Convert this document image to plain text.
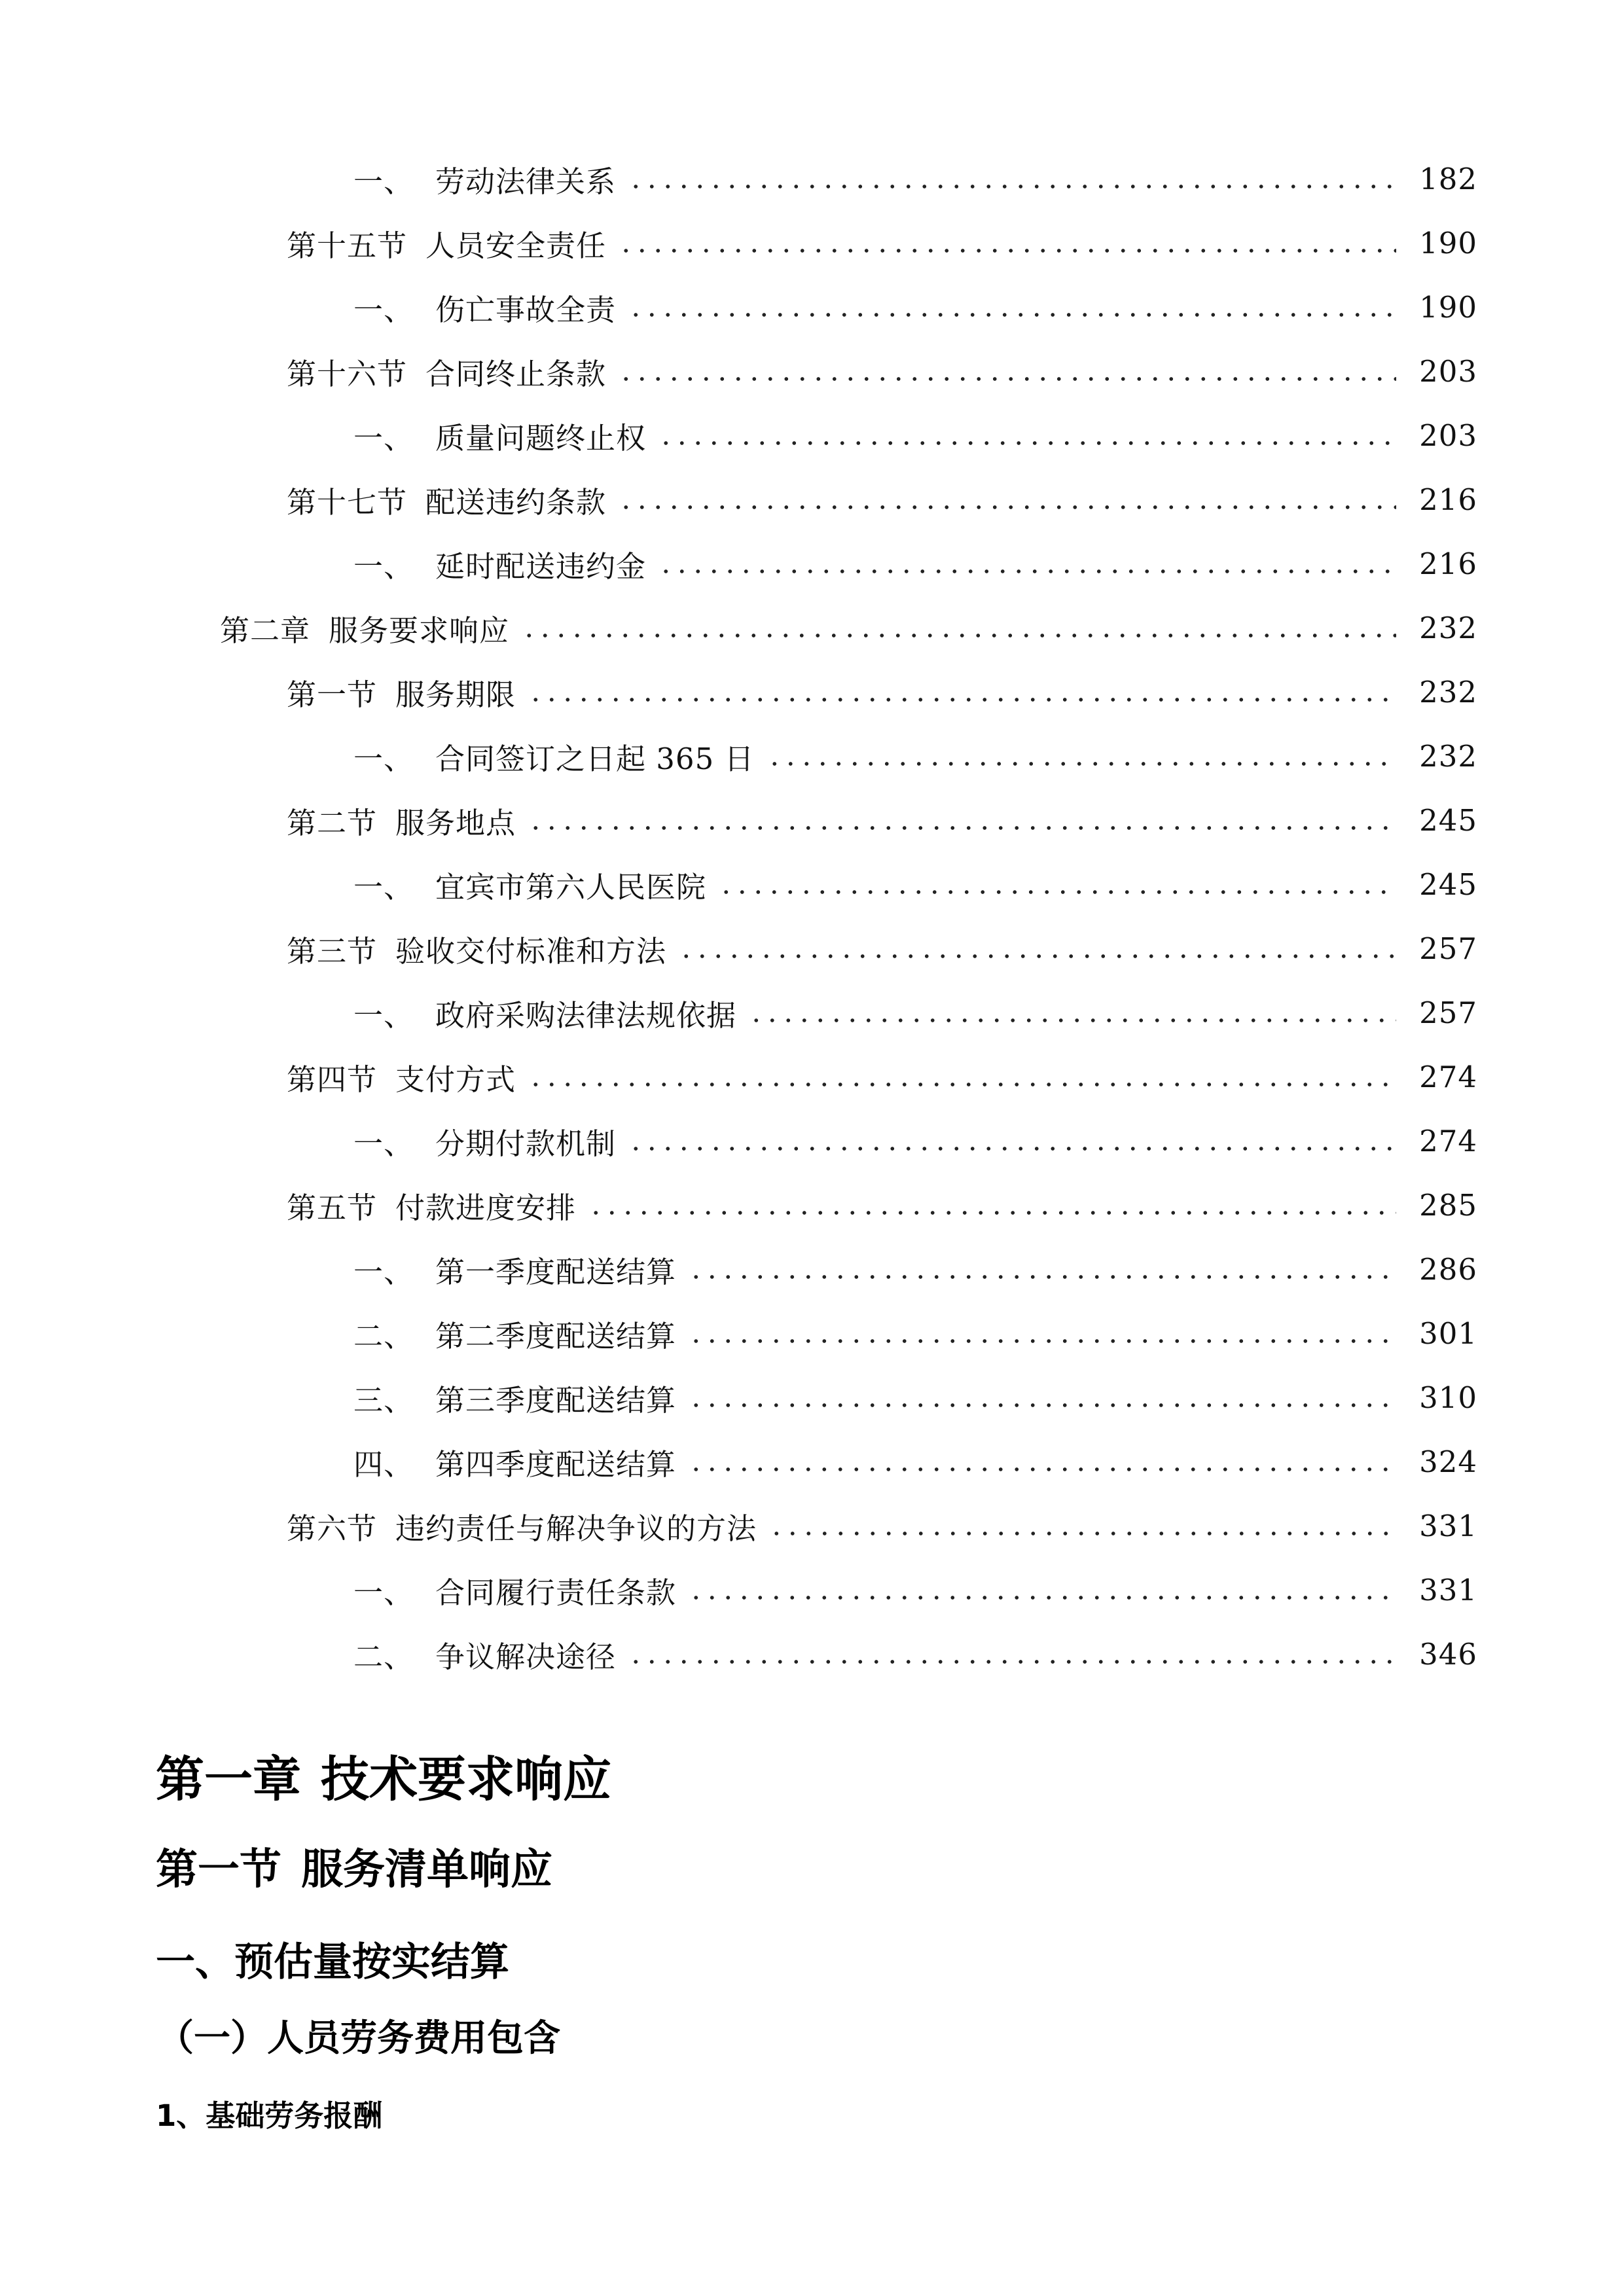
一、 劳动法律关系	182
第十五节 人员安全责任	190
一、 伤亡事故全责	190
第十六节 合同终止条款	203
一、 质量问题终止权	203
第十七节 配送违约条款	216
一、 延时配送违约金	216
第二章 服务要求响应	232
第一节 服务期限	232
一、 合同签订之日起 365 日	232
第二节 服务地点	245
一、 宜宾市第六人民医院	245
第三节 验收交付标准和方法	257
一、 政府采购法律法规依据	257
第四节 支付方式	274
一、 分期付款机制	274
第五节 付款进度安排	285
一、 第一季度配送结算	286
二、 第二季度配送结算	301
三、 第三季度配送结算	310
四、 第四季度配送结算	324
第六节 违约责任与解决争议的方法	331
一、 合同履行责任条款	331
二、 争议解决途径	346
第一章 技术要求响应
第一节 服务清单响应
一、预估量按实结算
（一）人员劳务费用包含
1、基础劳务报酬
